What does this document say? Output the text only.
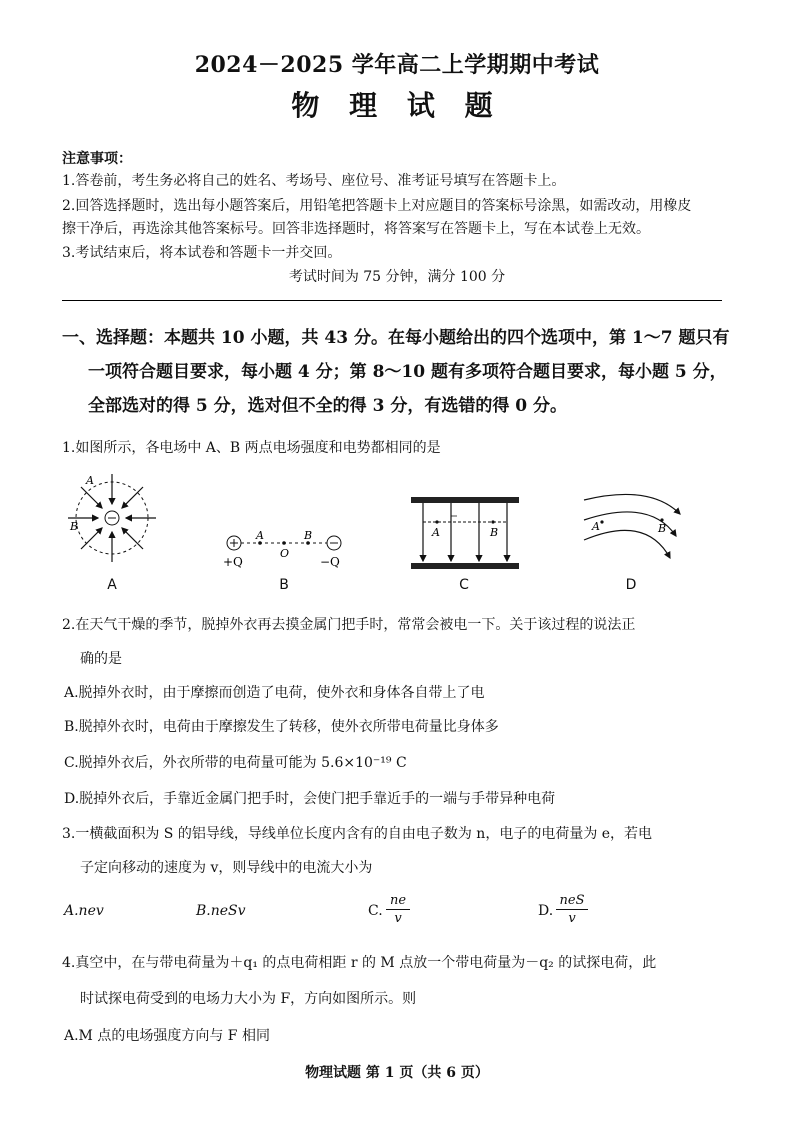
2024－2025 学年高二上学期期中考试
物 理 试 题
注意事项：
1.答卷前，考生务必将自己的姓名、考场号、座位号、准考证号填写在答题卡上。
2.回答选择题时，选出每小题答案后，用铅笔把答题卡上对应题目的答案标号涂黑，如需改动，用橡皮
擦干净后，再选涂其他答案标号。回答非选择题时，将答案写在答题卡上，写在本试卷上无效。
3.考试结束后，将本试卷和答题卡一并交回。
考试时间为 75 分钟，满分 100 分
一、选择题：本题共 10 小题，共 43 分。在每小题给出的四个选项中，第 1～7 题只有
一项符合题目要求，每小题 4 分；第 8～10 题有多项符合题目要求，每小题 5 分，
全部选对的得 5 分，选对但不全的得 3 分，有选错的得 0 分。
1.如图所示，各电场中 A、B 两点电场强度和电势都相同的是
A
B
A
A
O
B
+Q	−Q
B
A	B
C
A	B
D
2.在天气干燥的季节，脱掉外衣再去摸金属门把手时，常常会被电一下。关于该过程的说法正
确的是
A.脱掉外衣时，由于摩擦而创造了电荷，使外衣和身体各自带上了电
B.脱掉外衣时，电荷由于摩擦发生了转移，使外衣所带电荷量比身体多
C.脱掉外衣后，外衣所带的电荷量可能为 5.6×10⁻¹⁹ C
D.脱掉外衣后，手靠近金属门把手时，会使门把手靠近手的一端与手带异种电荷
3.一横截面积为 S 的铝导线，导线单位长度内含有的自由电子数为 n，电子的电荷量为 e，若电
子定向移动的速度为 v，则导线中的电流大小为
A.nev	B.neSv	C.
ne
v	D.
neS
v
4.真空中，在与带电荷量为＋q₁ 的点电荷相距 r 的 M 点放一个带电荷量为－q₂ 的试探电荷，此
时试探电荷受到的电场力大小为 F，方向如图所示。则
A.M 点的电场强度方向与 F 相同
物理试题 第 1 页（共 6 页）
